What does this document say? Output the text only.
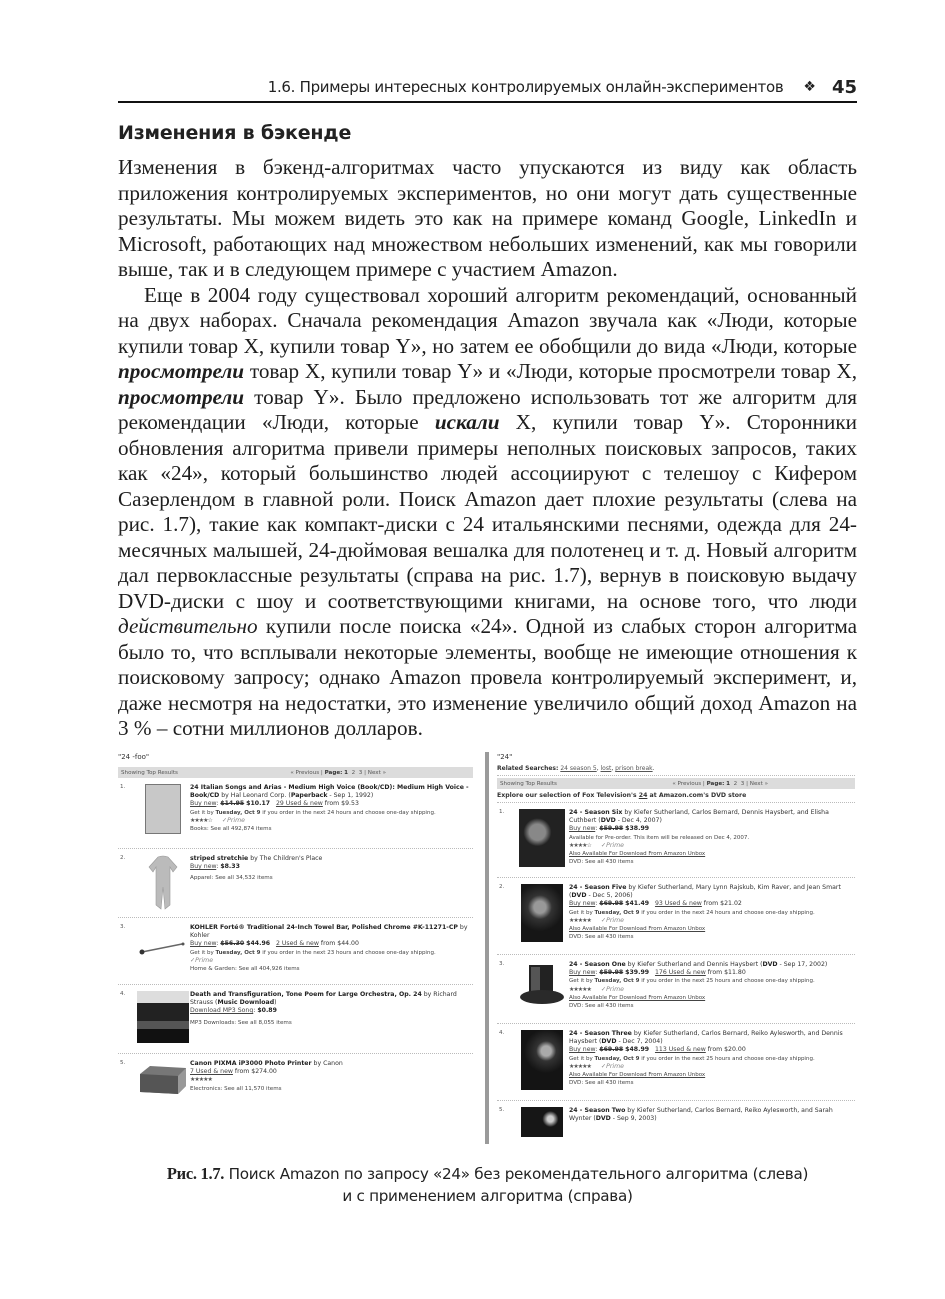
1.6. Примеры интересных контролируемых онлайн-экспериментов ❖ 45
Изменения в бэкенде

Изменения в бэкенд-алгоритмах часто упускаются из виду как область приложения контролируемых экспериментов, но они могут дать существенные результаты. Мы можем видеть это как на примере команд Google, LinkedIn и Microsoft, работающих над множеством небольших изменений, как мы говорили выше, так и в следующем примере с участием Amazon.

Еще в 2004 году существовал хороший алгоритм рекомендаций, основанный на двух наборах. Сначала рекомендация Amazon звучала как «Люди, которые купили товар X, купили товар Y», но затем ее обобщили до вида «Люди, которые просмотрели товар X, купили товар Y» и «Люди, которые просмотрели товар X, просмотрели товар Y». Было предложено использовать тот же алгоритм для рекомендации «Люди, которые искали X, купили товар Y». Сторонники обновления алгоритма привели примеры неполных поисковых запросов, таких как «24», который большинство людей ассоциируют с телешоу с Кифером Сазерлендом в главной роли. Поиск Amazon дает плохие результаты (слева на рис. 1.7), такие как компакт-диски с 24 итальянскими песнями, одежда для 24-месячных малышей, 24-дюймовая вешалка для полотенец и т. д. Новый алгоритм дал первоклассные результаты (справа на рис. 1.7), вернув в поисковую выдачу DVD-диски с шоу и соответствующими книгами, на основе того, что люди действительно купили после поиска «24». Одной из слабых сторон алгоритма было то, что всплывали некоторые элементы, вообще не имеющие отношения к поисковому запросу; однако Amazon провела контролируемый эксперимент, и, даже несмотря на недостатки, это изменение увеличило общий доход Amazon на 3 % – сотни миллионов долларов.

"24 -foo"
Showing Top Results	« Previous | Page: 1 2 3 | Next »
1.	24 Italian Songs and Arias - Medium High Voice (Book/CD): Medium High Voice - Book/CD by Hal Leonard Corp. (Paperback - Sep 1, 1992)
Buy new: $14.95 $10.17 29 Used & new from $9.53
Get it by Tuesday, Oct 9 if you order in the next 24 hours and choose one-day shipping.
★★★★☆ ✓Prime
Books: See all 492,874 items
2.	striped stretchie by The Children's Place
Buy new: $8.33
Apparel: See all 34,532 items
3.	KOHLER Forté® Traditional 24-Inch Towel Bar, Polished Chrome #K-11271-CP by Kohler
Buy new: $56.30 $44.96 2 Used & new from $44.00
Get it by Tuesday, Oct 9 if you order in the next 23 hours and choose one-day shipping.
✓Prime
Home & Garden: See all 404,926 items
4.	Death and Transfiguration, Tone Poem for Large Orchestra, Op. 24 by Richard Strauss (Music Download)
Download MP3 Song: $0.89
MP3 Downloads: See all 8,055 items
5.	Canon PIXMA iP3000 Photo Printer by Canon
7 Used & new from $274.00
★★★★★
Electronics: See all 11,570 items
"24"
Related Searches: 24 season 5, lost, prison break.
Showing Top Results	« Previous | Page: 1 2 3 | Next »
Explore our selection of Fox Television's 24 at Amazon.com's DVD store
1.	24 - Season Six by Kiefer Sutherland, Carlos Bernard, Dennis Haysbert, and Elisha Cuthbert (DVD - Dec 4, 2007)
Buy new: $59.98 $38.99
Available for Pre-order. This item will be released on Dec 4, 2007.
★★★★☆ ✓Prime
Also Available For Download From Amazon Unbox
DVD: See all 430 items
2.	24 - Season Five by Kiefer Sutherland, Mary Lynn Rajskub, Kim Raver, and Jean Smart (DVD - Dec 5, 2006)
Buy new: $69.98 $41.49 93 Used & new from $21.02
Get it by Tuesday, Oct 9 if you order in the next 24 hours and choose one-day shipping.
★★★★★ ✓Prime
Also Available For Download From Amazon Unbox
DVD: See all 430 items
3.	24 - Season One by Kiefer Sutherland and Dennis Haysbert (DVD - Sep 17, 2002)
Buy new: $59.98 $39.99 176 Used & new from $11.80
Get it by Tuesday, Oct 9 if you order in the next 25 hours and choose one-day shipping.
★★★★★ ✓Prime
Also Available For Download From Amazon Unbox
DVD: See all 430 items
4.	24 - Season Three by Kiefer Sutherland, Carlos Bernard, Reiko Aylesworth, and Dennis Haysbert (DVD - Dec 7, 2004)
Buy new: $69.98 $48.99 113 Used & new from $20.00
Get it by Tuesday, Oct 9 if you order in the next 25 hours and choose one-day shipping.
★★★★★ ✓Prime
Also Available For Download From Amazon Unbox
DVD: See all 430 items
5.	24 - Season Two by Kiefer Sutherland, Carlos Bernard, Reiko Aylesworth, and Sarah Wynter (DVD - Sep 9, 2003)
Рис. 1.7. Поиск Amazon по запросу «24» без рекомендательного алгоритма (слева)
и с применением алгоритма (справа)
